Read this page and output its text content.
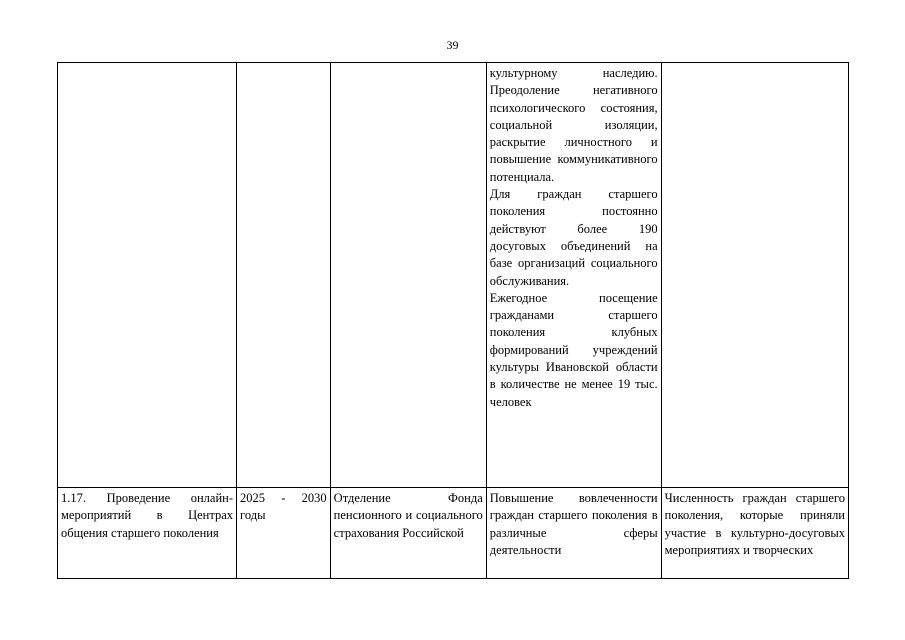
39

			культурному наследию. Преодоление негативного психологического состояния, социальной изоляции, раскрытие личностного и повышение коммуникативного потенциала.
Для граждан старшего поколения постоянно действуют более 190 досуговых объединений на базе организаций социального обслуживания.
Ежегодное посещение гражданами старшего поколения клубных формирований учреждений культуры Ивановской области в количестве не менее 19 тыс. человек	

1.17. Проведение онлайн-мероприятий в Центрах общения старшего поколения	2025 - 2030 годы	Отделение Фонда пенсионного и социального страхования Российской	Повышение вовлеченности граждан старшего поколения в различные сферы деятельности	Численность граждан старшего поколения, которые приняли участие в культурно-досуговых мероприятиях и творческих
